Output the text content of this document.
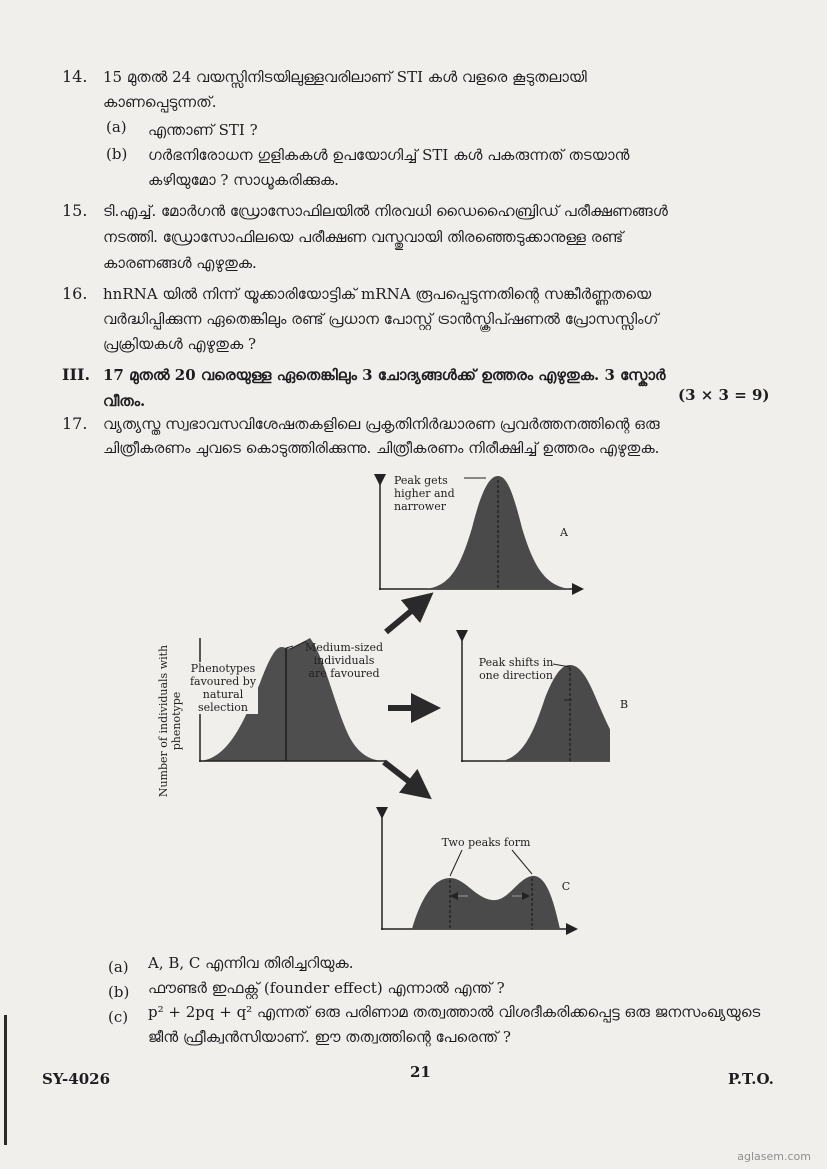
14. 15 മുതൽ 24 വയസ്സിനിടയിലുള്ളവരിലാണ് STI കൾ വളരെ കൂടുതലായി
കാണപ്പെടുന്നത്.
(a) എന്താണ് STI ?
(b) ഗർഭനിരോധന ഗുളികകൾ ഉപയോഗിച്ച് STI കൾ പകരുന്നത് തടയാൻ
കഴിയുമോ ? സാധൂകരിക്കുക.
15. ടി.എച്ച്. മോർഗൻ ഡ്രോസോഫിലയിൽ നിരവധി ഡൈഹൈബ്രിഡ് പരീക്ഷണങ്ങൾ
നടത്തി. ഡ്രോസോഫിലയെ പരീക്ഷണ വസ്തുവായി തിരഞ്ഞെടുക്കാനുള്ള രണ്ട്
കാരണങ്ങൾ എഴുതുക.
16. hnRNA യിൽ നിന്ന് യൂക്കാരിയോട്ടിക് mRNA രൂപപ്പെടുന്നതിന്റെ സങ്കീർണ്ണതയെ
വർദ്ധിപ്പിക്കുന്ന ഏതെങ്കിലും രണ്ട് പ്രധാന പോസ്റ്റ് ട്രാൻസ്ക്രിപ്ഷണൽ പ്രോസസ്സിംഗ്
പ്രക്രിയകൾ എഴുതുക ?
III. 17 മുതൽ 20 വരെയുള്ള ഏതെങ്കിലും 3 ചോദ്യങ്ങൾക്ക് ഉത്തരം എഴുതുക. 3 സ്കോർ
വീതം.	(3 × 3 = 9)
17. വ്യത്യസ്ത സ്വഭാവസവിശേഷതകളിലെ പ്രകൃതിനിർദ്ധാരണ പ്രവർത്തനത്തിന്റെ ഒരു
ചിത്രീകരണം ചുവടെ കൊടുത്തിരിക്കുന്നു. ചിത്രീകരണം നിരീക്ഷിച്ച് ഉത്തരം എഴുതുക.
Number of individuals with phenotype
Phenotypes favoured by natural selection
Medium-sized individuals are favoured
Peak gets higher and narrower
A
Peak shifts in one direction
B
Two peaks form
C
(a) A, B, C എന്നിവ തിരിച്ചറിയുക.
(b) ഫൗണ്ടർ ഇഫക്റ്റ് (founder effect) എന്നാൽ എന്ത് ?
(c) p² + 2pq + q² എന്നത് ഒരു പരിണാമ തത്വത്താൽ വിശദീകരിക്കപ്പെട്ട ഒരു ജനസംഖ്യയുടെ
ജീൻ ഫ്രീക്വൻസിയാണ്. ഈ തത്വത്തിന്റെ പേരെന്ത് ?
SY-4026	21	P.T.O.
aglasem.com
